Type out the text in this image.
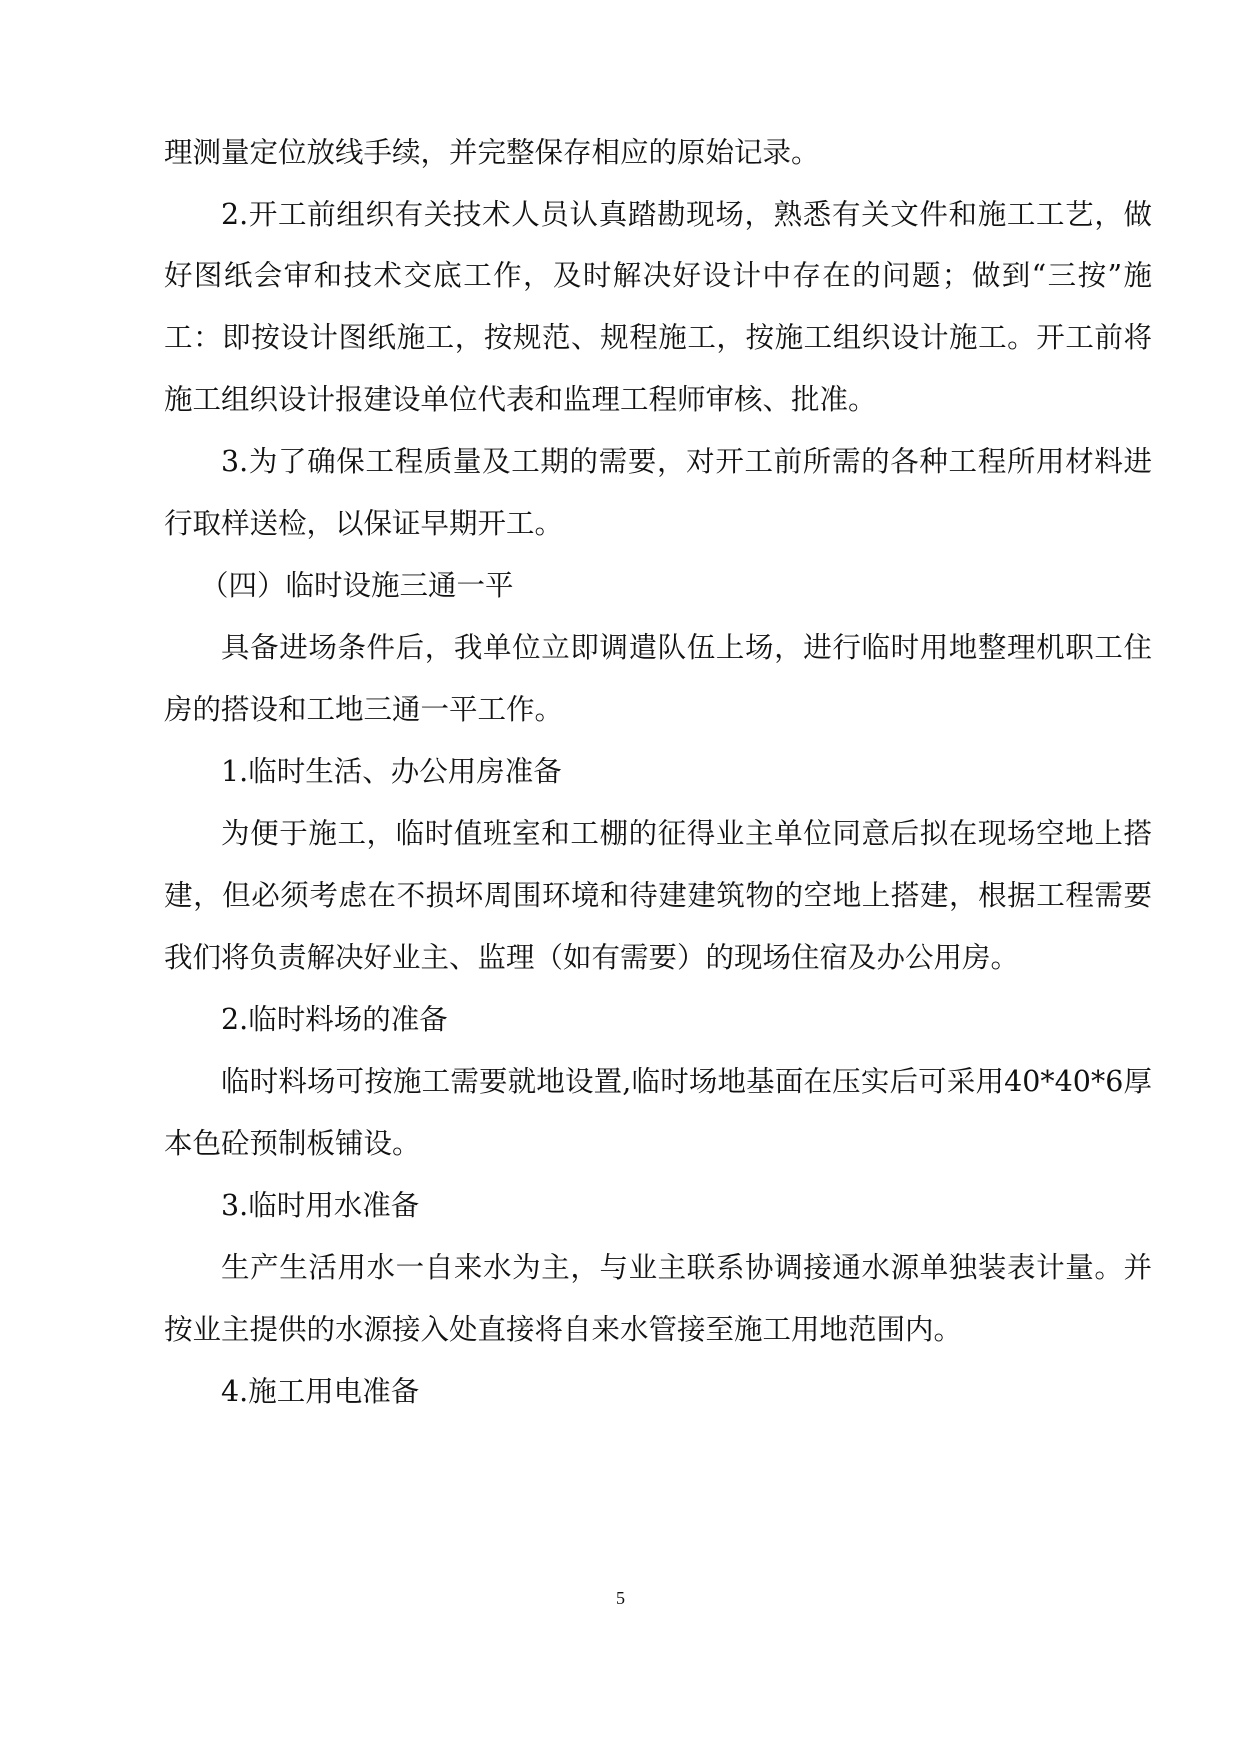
理测量定位放线手续，并完整保存相应的原始记录。
2.开工前组织有关技术人员认真踏勘现场，熟悉有关文件和施工工艺，做
好图纸会审和技术交底工作，及时解决好设计中存在的问题；做到“三按”施
工：即按设计图纸施工，按规范、规程施工，按施工组织设计施工。开工前将
施工组织设计报建设单位代表和监理工程师审核、批准。
3.为了确保工程质量及工期的需要，对开工前所需的各种工程所用材料进
行取样送检，以保证早期开工。
（四）临时设施三通一平
具备进场条件后，我单位立即调遣队伍上场，进行临时用地整理机职工住
房的搭设和工地三通一平工作。
1.临时生活、办公用房准备
为便于施工，临时值班室和工棚的征得业主单位同意后拟在现场空地上搭
建，但必须考虑在不损坏周围环境和待建建筑物的空地上搭建，根据工程需要
我们将负责解决好业主、监理（如有需要）的现场住宿及办公用房。
2.临时料场的准备
临时料场可按施工需要就地设置,临时场地基面在压实后可采用40*40*6厚
本色砼预制板铺设。
3.临时用水准备
生产生活用水一自来水为主，与业主联系协调接通水源单独装表计量。并
按业主提供的水源接入处直接将自来水管接至施工用地范围内。
4.施工用电准备
5
